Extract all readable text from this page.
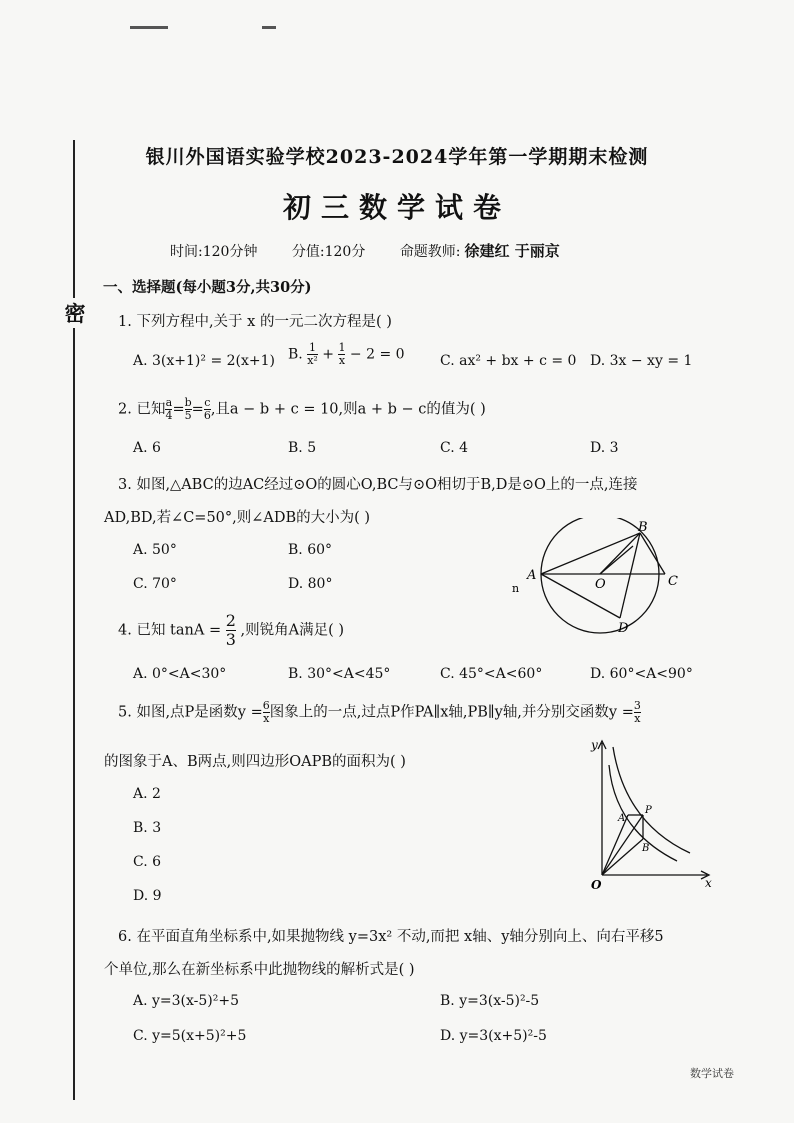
密
银川外国语实验学校2023-2024学年第一学期期末检测
初三数学试卷
时间:120分钟 分值:120分 命题教师: 徐建红 于丽京
一、选择题(每小题3分,共30分)
1. 下列方程中,关于 x 的一元二次方程是( )
A. 3(x+1)² = 2(x+1) B. $\frac{1}{\text{x²}} + \frac{1}{x} - 2 = 0$	C. ax² + bx + c = 0 D. 3x − xy = 1
2. 已知 $\frac{a}{4} = \frac{b}{5} = \frac{c}{6}$ ,且a − b + c = 10,则a + b − c的值为( )
A. 6	B. 5	C. 4	D. 3
3. 如图,△ABC的边AC经过⊙O的圆心O,BC与⊙O相切于B,D是⊙O上的一点,连接
AD,BD,若∠C=50°,则∠ADB的大小为( )
A. 50°	B. 60°
C. 70°	D. 80°
A
B
C
D
O
n
4. 已知 $\tan A = \frac{2}{3}$ ,则锐角A满足( )
A. 0°<A<30°	B. 30°<A<45°	C. 45°<A<60°	D. 60°<A<90°
5. 如图,点P是函数$y = \frac{6}{x}$ 图象上的一点,过点P作PA∥x轴,PB∥y轴,并分别交函数$y = \frac{3}{x}$
的图象于A、B两点,则四边形OAPB的面积为( )
A. 2
B. 3
C. 6
D. 9
y
x
O
P
A
B
6. 在平面直角坐标系中,如果抛物线 y=3x² 不动,而把 x轴、y轴分别向上、向右平移5
个单位,那么在新坐标系中此抛物线的解析式是( )
A. y=3(x-5)²+5	B. y=3(x-5)²-5
C. y=5(x+5)²+5	D. y=3(x+5)²-5
数学试卷
